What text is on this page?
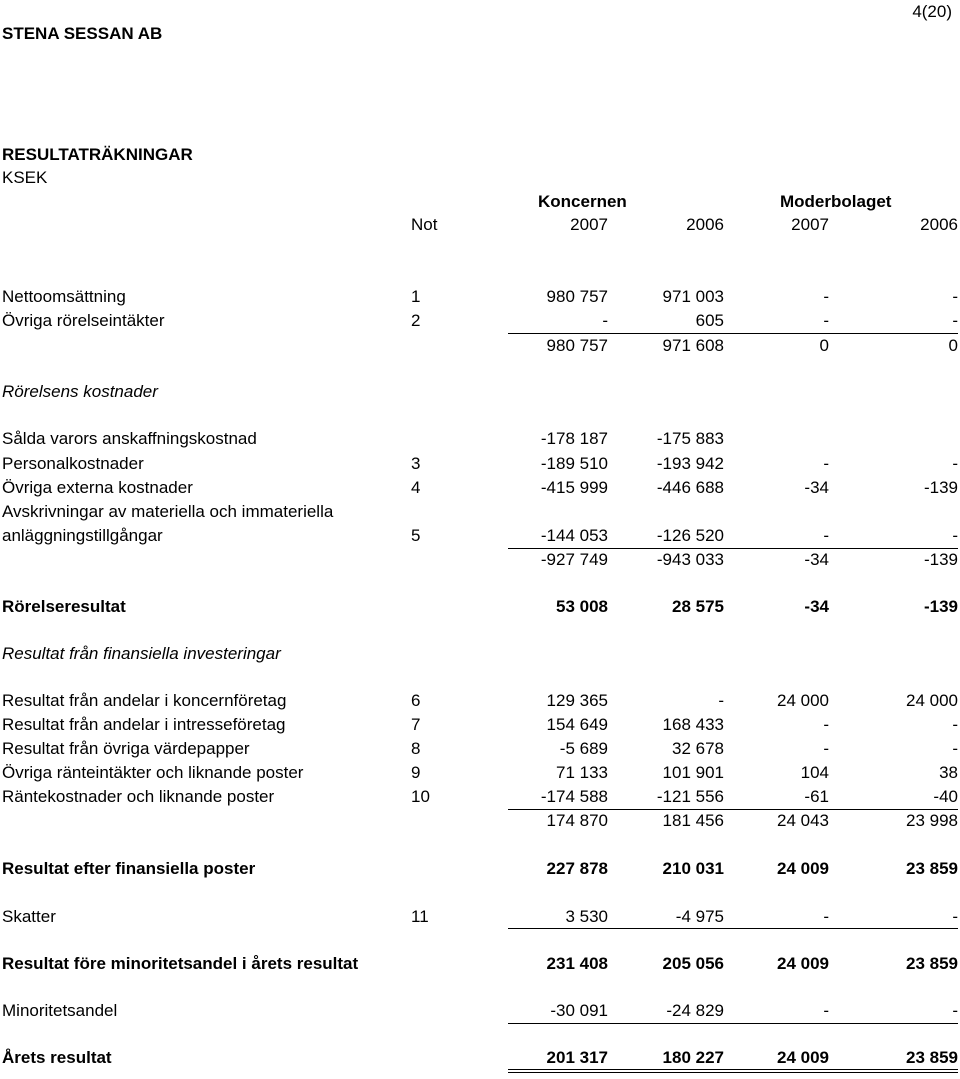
4(20)
STENA SESSAN AB
RESULTATRÄKNINGAR
KSEK
Koncernen	Moderbolaget
Not	2007	2006	2007	2006
Nettoomsättning	1	980 757	971 003	-	-
Övriga rörelseintäkter	2	-	605	-	-
980 757	971 608	0	0
Rörelsens kostnader
Sålda varors anskaffningskostnad	-178 187	-175 883
Personalkostnader	3	-189 510	-193 942	-	-
Övriga externa kostnader	4	-415 999	-446 688	-34	-139
Avskrivningar av materiella och immateriella
anläggningstillgångar	5	-144 053	-126 520	-	-
-927 749	-943 033	-34	-139
Rörelseresultat	53 008	28 575	-34	-139
Resultat från finansiella investeringar
Resultat från andelar i koncernföretag	6	129 365	-	24 000	24 000
Resultat från andelar i intresseföretag	7	154 649	168 433	-	-
Resultat från övriga värdepapper	8	-5 689	32 678	-	-
Övriga ränteintäkter och liknande poster	9	71 133	101 901	104	38
Räntekostnader och liknande poster	10	-174 588	-121 556	-61	-40
174 870	181 456	24 043	23 998
Resultat efter finansiella poster	227 878	210 031	24 009	23 859
Skatter	11	3 530	-4 975	-	-
Resultat före minoritetsandel i årets resultat	231 408	205 056	24 009	23 859
Minoritetsandel	-30 091	-24 829	-	-
Årets resultat	201 317	180 227	24 009	23 859
